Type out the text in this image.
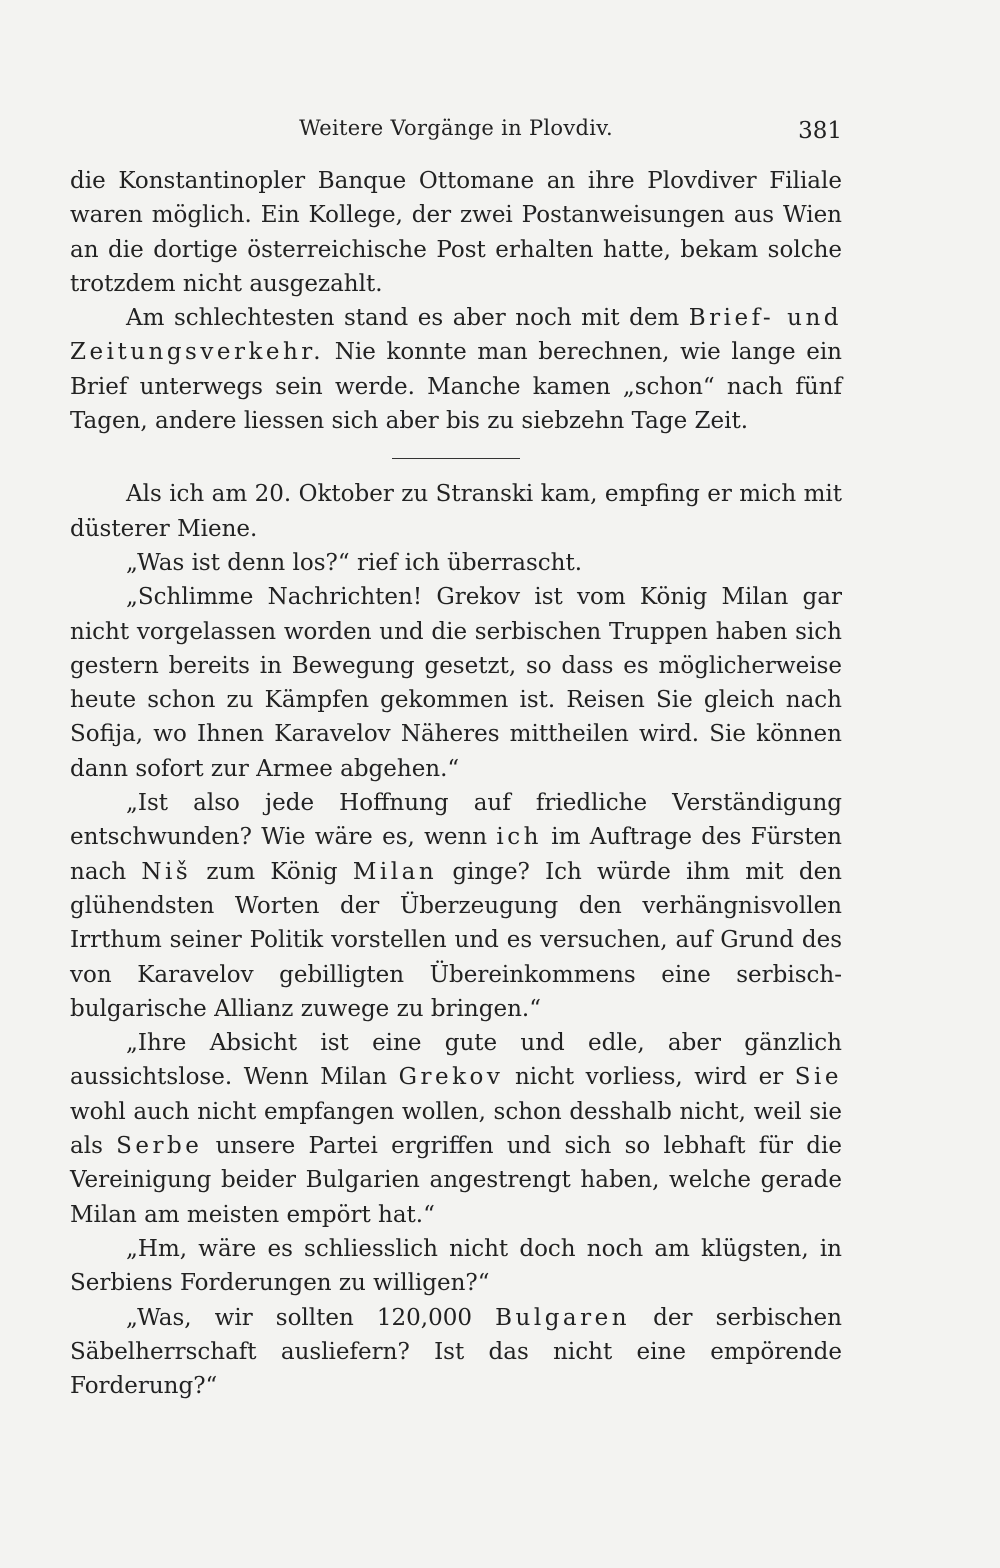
Weitere Vorgänge in Plovdiv.	381

die Konstantinopler Banque Ottomane an ihre Plovdiver Filiale waren möglich. Ein Kollege, der zwei Postanweisungen aus Wien an die dortige österreichische Post erhalten hatte, bekam solche trotzdem nicht ausgezahlt.

Am schlechtesten stand es aber noch mit dem Brief- und Zeitungsverkehr. Nie konnte man berechnen, wie lange ein Brief unterwegs sein werde. Manche kamen „schon“ nach fünf Tagen, andere liessen sich aber bis zu siebzehn Tage Zeit.

Als ich am 20. Oktober zu Stranski kam, empfing er mich mit düsterer Miene.

„Was ist denn los?“ rief ich überrascht.

„Schlimme Nachrichten! Grekov ist vom König Milan gar nicht vorgelassen worden und die serbischen Truppen haben sich gestern bereits in Bewegung gesetzt, so dass es möglicherweise heute schon zu Kämpfen gekommen ist. Reisen Sie gleich nach Sofija, wo Ihnen Karavelov Näheres mittheilen wird. Sie können dann sofort zur Armee abgehen.“

„Ist also jede Hoffnung auf friedliche Verständigung entschwunden? Wie wäre es, wenn ich im Auftrage des Fürsten nach Niš zum König Milan ginge? Ich würde ihm mit den glühendsten Worten der Überzeugung den verhängnisvollen Irrthum seiner Politik vorstellen und es versuchen, auf Grund des von Karavelov gebilligten Übereinkommens eine serbisch-bulgarische Allianz zuwege zu bringen.“

„Ihre Absicht ist eine gute und edle, aber gänzlich aussichtslose. Wenn Milan Grekov nicht vorliess, wird er Sie wohl auch nicht empfangen wollen, schon desshalb nicht, weil sie als Serbe unsere Partei ergriffen und sich so lebhaft für die Vereinigung beider Bulgarien angestrengt haben, welche gerade Milan am meisten empört hat.“

„Hm, wäre es schliesslich nicht doch noch am klügsten, in Serbiens Forderungen zu willigen?“

„Was, wir sollten 120,000 Bulgaren der serbischen Säbelherrschaft ausliefern? Ist das nicht eine empörende Forderung?“
